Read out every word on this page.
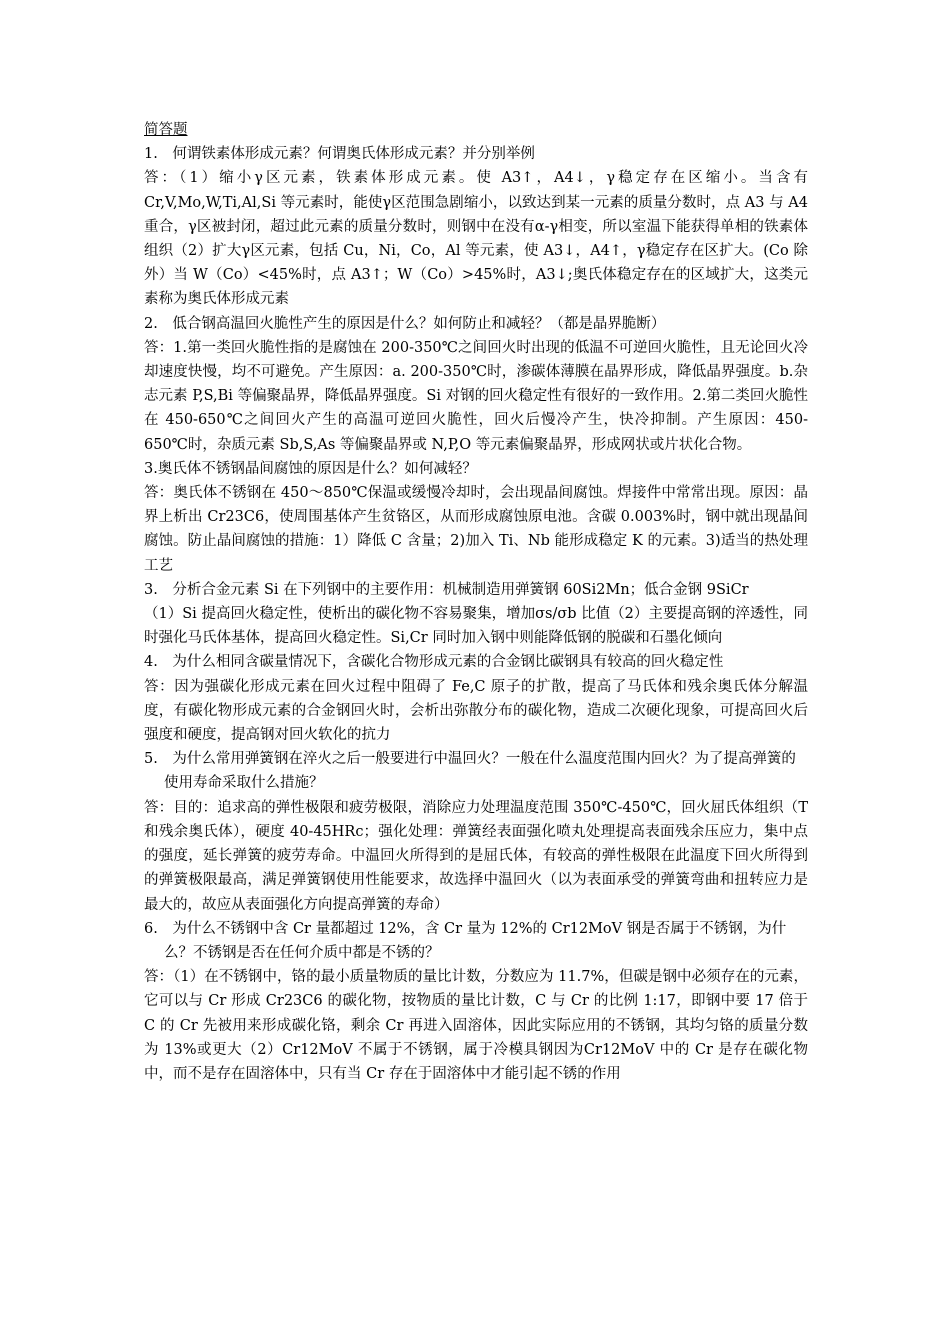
简答题
1.　何谓铁素体形成元素？何谓奥氏体形成元素？并分别举例
答：（1）缩小γ区元素，铁素体形成元素。使 A3↑，A4↓，γ稳定存在区缩小。当含有Cr,V,Mo,W,Ti,Al,Si 等元素时，能使γ区范围急剧缩小，以致达到某一元素的质量分数时，点 A3 与 A4 重合，γ区被封闭，超过此元素的质量分数时，则钢中在没有α-γ相变，所以室温下能获得单相的铁素体组织（2）扩大γ区元素，包括 Cu，Ni，Co，Al 等元素，使 A3↓，A4↑，γ稳定存在区扩大。(Co 除外）当 W（Co）<45%时，点 A3↑；W（Co）>45%时，A3↓;奥氏体稳定存在的区域扩大，这类元素称为奥氏体形成元素
2.　低合钢高温回火脆性产生的原因是什么？如何防止和减轻？（都是晶界脆断）
答：1.第一类回火脆性指的是腐蚀在 200-350℃之间回火时出现的低温不可逆回火脆性，且无论回火冷却速度快慢，均不可避免。产生原因：a. 200-350℃时，渗碳体薄膜在晶界形成，降低晶界强度。b.杂志元素 P,S,Bi 等偏聚晶界，降低晶界强度。Si 对钢的回火稳定性有很好的一致作用。2.第二类回火脆性在 450-650℃之间回火产生的高温可逆回火脆性，回火后慢冷产生，快冷抑制。产生原因：450-650℃时，杂质元素 Sb,S,As 等偏聚晶界或 N,P,O 等元素偏聚晶界，形成网状或片状化合物。
3.奥氏体不锈钢晶间腐蚀的原因是什么？如何减轻？
答：奥氏体不锈钢在 450～850℃保温或缓慢冷却时，会出现晶间腐蚀。焊接件中常常出现。原因：晶界上析出 Cr23C6，使周围基体产生贫铬区，从而形成腐蚀原电池。含碳 0.003%时，钢中就出现晶间腐蚀。防止晶间腐蚀的措施：1）降低 C 含量；2)加入 Ti、Nb 能形成稳定 K 的元素。3)适当的热处理工艺
3.　分析合金元素 Si 在下列钢中的主要作用：机械制造用弹簧钢 60Si2Mn；低合金钢 9SiCr
（1）Si 提高回火稳定性，使析出的碳化物不容易聚集，增加σs/σb 比值（2）主要提高钢的淬透性，同时强化马氏体基体，提高回火稳定性。Si,Cr 同时加入钢中则能降低钢的脱碳和石墨化倾向
4.　为什么相同含碳量情况下，含碳化合物形成元素的合金钢比碳钢具有较高的回火稳定性
答：因为强碳化形成元素在回火过程中阻碍了 Fe,C 原子的扩散，提高了马氏体和残余奥氏体分解温度，有碳化物形成元素的合金钢回火时，会析出弥散分布的碳化物，造成二次硬化现象，可提高回火后强度和硬度，提高钢对回火软化的抗力
5.　为什么常用弹簧钢在淬火之后一般要进行中温回火？一般在什么温度范围内回火？为了提高弹簧的使用寿命采取什么措施？
答：目的：追求高的弹性极限和疲劳极限，消除应力处理温度范围 350℃-450℃，回火屈氏体组织（T 和残余奥氏体），硬度 40-45HRc；强化处理：弹簧经表面强化喷丸处理提高表面残余压应力，集中点的强度，延长弹簧的疲劳寿命。中温回火所得到的是屈氏体，有较高的弹性极限在此温度下回火所得到的弹簧极限最高，满足弹簧钢使用性能要求，故选择中温回火（以为表面承受的弹簧弯曲和扭转应力是最大的，故应从表面强化方向提高弹簧的寿命）
6.　为什么不锈钢中含 Cr 量都超过 12%，含 Cr 量为 12%的 Cr12MoV 钢是否属于不锈钢，为什么？不锈钢是否在任何介质中都是不锈的？
答：（1）在不锈钢中，铬的最小质量物质的量比计数，分数应为 11.7%，但碳是钢中必须存在的元素，它可以与 Cr 形成 Cr23C6 的碳化物，按物质的量比计数，C 与 Cr 的比例 1:17，即钢中要 17 倍于 C 的 Cr 先被用来形成碳化铬，剩余 Cr 再进入固溶体，因此实际应用的不锈钢，其均匀铬的质量分数为 13%或更大（2）Cr12MoV 不属于不锈钢，属于冷模具钢因为Cr12MoV 中的 Cr 是存在碳化物中，而不是存在固溶体中，只有当 Cr 存在于固溶体中才能引起不锈的作用
